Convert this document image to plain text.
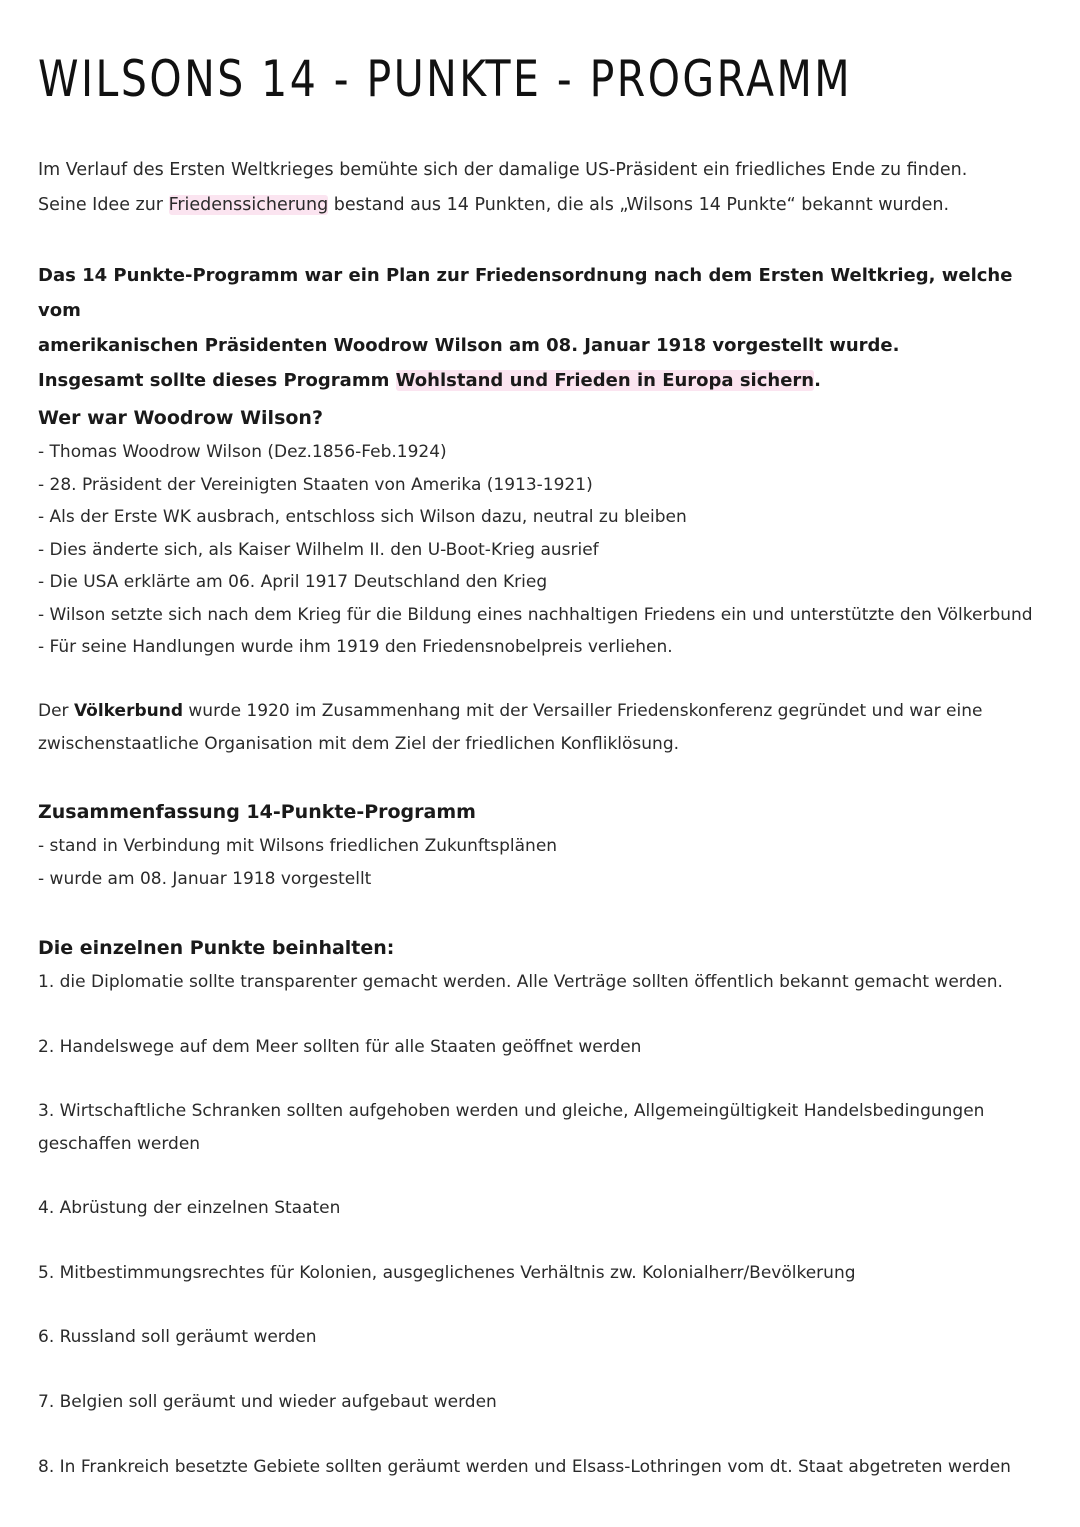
WILSONS 14 - PUNKTE - PROGRAMM

Im Verlauf des Ersten Weltkrieges bemühte sich der damalige US-Präsident ein friedliches Ende zu finden.

Seine Idee zur Friedenssicherung bestand aus 14 Punkten, die als „Wilsons 14 Punkte“ bekannt wurden.

Das 14 Punkte-Programm war ein Plan zur Friedensordnung nach dem Ersten Weltkrieg, welche vom

amerikanischen Präsidenten Woodrow Wilson am 08. Januar 1918 vorgestellt wurde.

Insgesamt sollte dieses Programm Wohlstand und Frieden in Europa sichern.

Wer war Woodrow Wilson?
- Thomas Woodrow Wilson (Dez.1856-Feb.1924)
- 28. Präsident der Vereinigten Staaten von Amerika (1913-1921)
- Als der Erste WK ausbrach, entschloss sich Wilson dazu, neutral zu bleiben
- Dies änderte sich, als Kaiser Wilhelm II. den U-Boot-Krieg ausrief
- Die USA erklärte am 06. April 1917 Deutschland den Krieg
- Wilson setzte sich nach dem Krieg für die Bildung eines nachhaltigen Friedens ein und unterstützte den Völkerbund
- Für seine Handlungen wurde ihm 1919 den Friedensnobelpreis verliehen.

Der Völkerbund wurde 1920 im Zusammenhang mit der Versailler Friedenskonferenz gegründet und war eine

zwischenstaatliche Organisation mit dem Ziel der friedlichen Konfliklösung.

Zusammenfassung 14-Punkte-Programm
- stand in Verbindung mit Wilsons friedlichen Zukunftsplänen
- wurde am 08. Januar 1918 vorgestellt
Die einzelnen Punkte beinhalten:

1. die Diplomatie sollte transparenter gemacht werden. Alle Verträge sollten öffentlich bekannt gemacht werden.

2. Handelswege auf dem Meer sollten für alle Staaten geöffnet werden

3. Wirtschaftliche Schranken sollten aufgehoben werden und gleiche, Allgemeingültigkeit Handelsbedingungen

geschaffen werden

4. Abrüstung der einzelnen Staaten

5. Mitbestimmungsrechtes für Kolonien, ausgeglichenes Verhältnis zw. Kolonialherr/Bevölkerung

6. Russland soll geräumt werden

7. Belgien soll geräumt und wieder aufgebaut werden

8. In Frankreich besetzte Gebiete sollten geräumt werden und Elsass-Lothringen vom dt. Staat abgetreten werden
